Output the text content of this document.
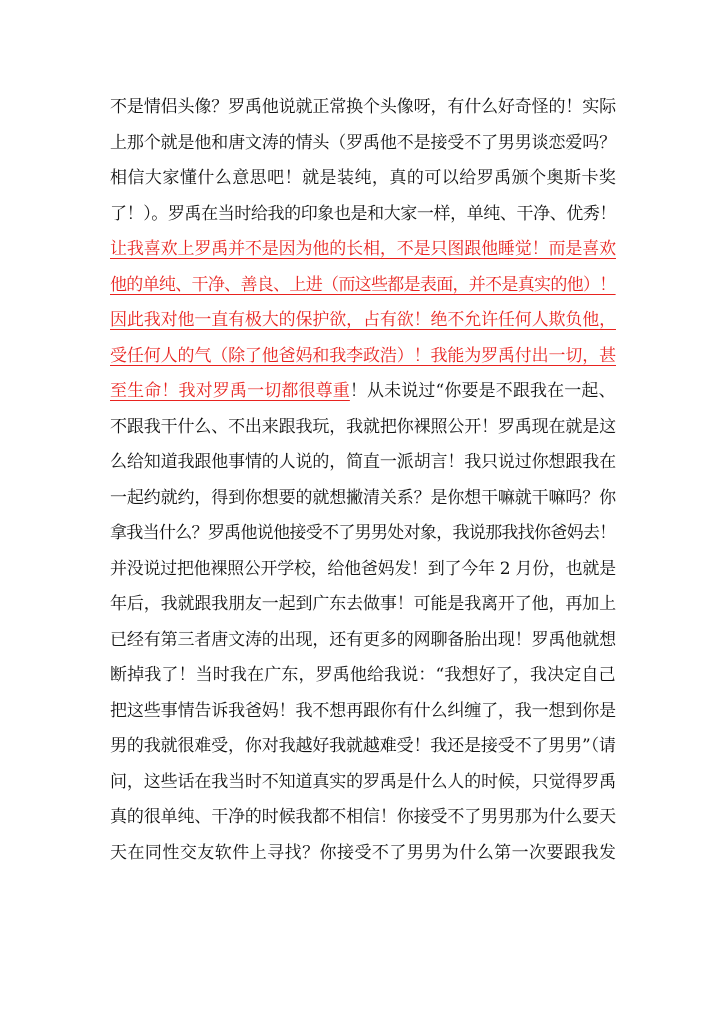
不是情侣头像？罗禹他说就正常换个头像呀，有什么好奇怪的！实际
上那个就是他和唐文涛的情头（罗禹他不是接受不了男男谈恋爱吗？
相信大家懂什么意思吧！就是装纯，真的可以给罗禹颁个奥斯卡奖
了！）。罗禹在当时给我的印象也是和大家一样，单纯、干净、优秀！
让我喜欢上罗禹并不是因为他的长相，不是只图跟他睡觉！而是喜欢
他的单纯、干净、善良、上进（而这些都是表面，并不是真实的他）！
因此我对他一直有极大的保护欲，占有欲！绝不允许任何人欺负他，
受任何人的气（除了他爸妈和我李政浩）！我能为罗禹付出一切，甚
至生命！我对罗禹一切都很尊重！从未说过“你要是不跟我在一起、
不跟我干什么、不出来跟我玩，我就把你裸照公开！罗禹现在就是这
么给知道我跟他事情的人说的，简直一派胡言！我只说过你想跟我在
一起约就约，得到你想要的就想撇清关系？是你想干嘛就干嘛吗？你
拿我当什么？罗禹他说他接受不了男男处对象，我说那我找你爸妈去！
并没说过把他裸照公开学校，给他爸妈发！到了今年 2 月份，也就是
年后，我就跟我朋友一起到广东去做事！可能是我离开了他，再加上
已经有第三者唐文涛的出现，还有更多的网聊备胎出现！罗禹他就想
断掉我了！当时我在广东，罗禹他给我说：“我想好了，我决定自己
把这些事情告诉我爸妈！我不想再跟你有什么纠缠了，我一想到你是
男的我就很难受，你对我越好我就越难受！我还是接受不了男男”（请
问，这些话在我当时不知道真实的罗禹是什么人的时候，只觉得罗禹
真的很单纯、干净的时候我都不相信！你接受不了男男那为什么要天
天在同性交友软件上寻找？你接受不了男男为什么第一次要跟我发
